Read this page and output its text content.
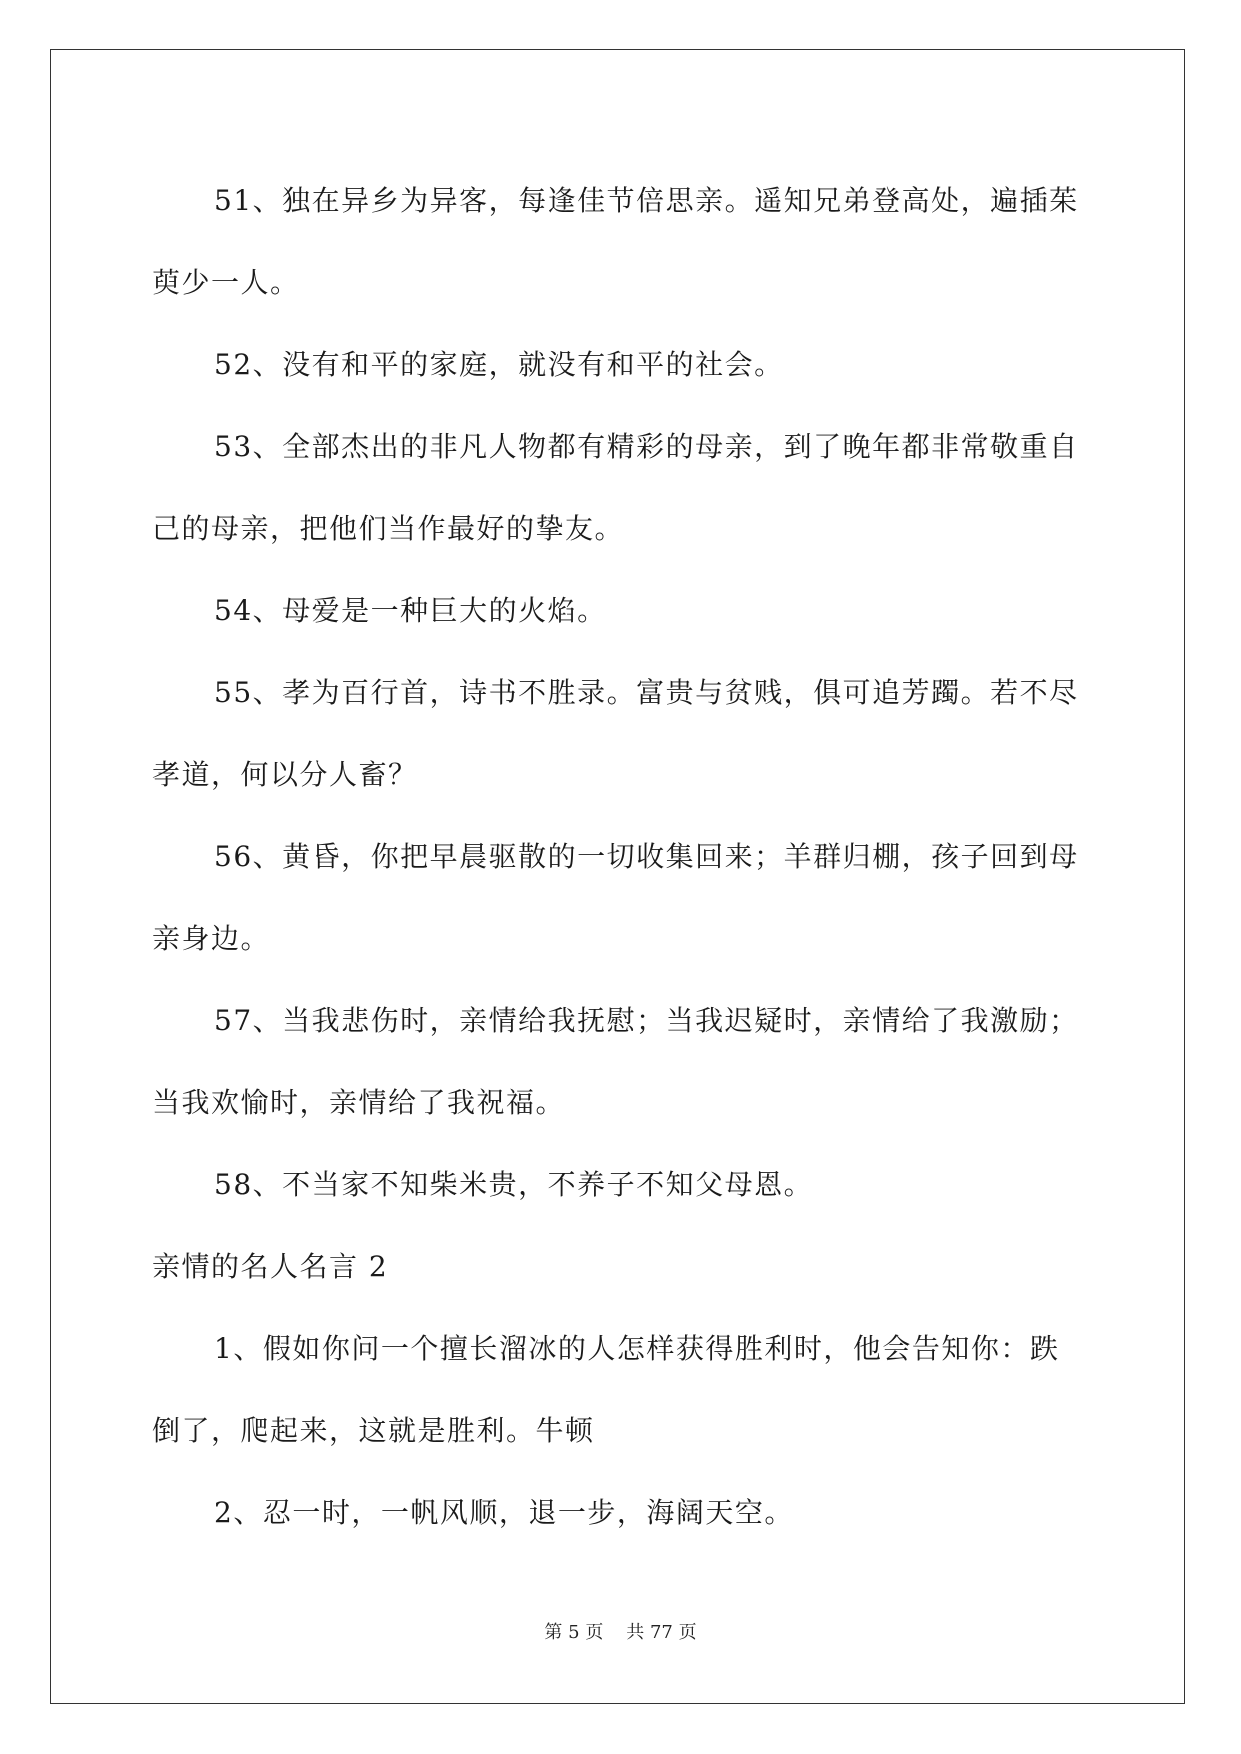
51、独在异乡为异客，每逢佳节倍思亲。遥知兄弟登高处，遍插茱萸少一人。

52、没有和平的家庭，就没有和平的社会。

53、全部杰出的非凡人物都有精彩的母亲，到了晚年都非常敬重自己的母亲，把他们当作最好的挚友。

54、母爱是一种巨大的火焰。

55、孝为百行首，诗书不胜录。富贵与贫贱，俱可追芳躅。若不尽孝道，何以分人畜？

56、黄昏，你把早晨驱散的一切收集回来；羊群归棚，孩子回到母亲身边。

57、当我悲伤时，亲情给我抚慰；当我迟疑时，亲情给了我激励；当我欢愉时，亲情给了我祝福。

58、不当家不知柴米贵，不养子不知父母恩。

亲情的名人名言 2

1、假如你问一个擅长溜冰的人怎样获得胜利时，他会告知你：跌倒了，爬起来，这就是胜利。牛顿

2、忍一时，一帆风顺，退一步，海阔天空。

第 5 页 共 77 页
